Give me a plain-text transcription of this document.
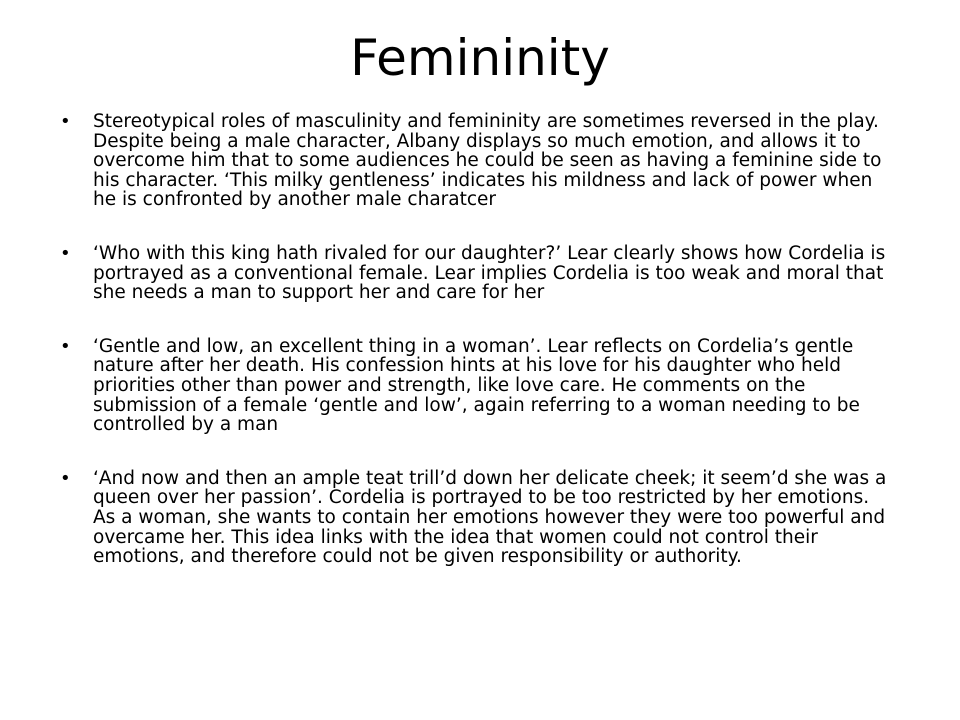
Femininity
• Stereotypical roles of masculinity and femininity are sometimes reversed in the play. Despite being a male character, Albany displays so much emotion, and allows it to overcome him that to some audiences he could be seen as having a feminine side to his character. ‘This milky gentleness’ indicates his mildness and lack of power when he is confronted by another male charatcer
• ‘Who with this king hath rivaled for our daughter?’ Lear clearly shows how Cordelia is portrayed as a conventional female. Lear implies Cordelia is too weak and moral that she needs a man to support her and care for her
• ‘Gentle and low, an excellent thing in a woman’. Lear reflects on Cordelia’s gentle nature after her death. His confession hints at his love for his daughter who held priorities other than power and strength, like love care. He comments on the submission of a female ‘gentle and low’, again referring to a woman needing to be controlled by a man
• ‘And now and then an ample teat trill’d down her delicate cheek; it seem’d she was a queen over her passion’. Cordelia is portrayed to be too restricted by her emotions. As a woman, she wants to contain her emotions however they were too powerful and overcame her. This idea links with the idea that women could not control their emotions, and therefore could not be given responsibility or authority.
